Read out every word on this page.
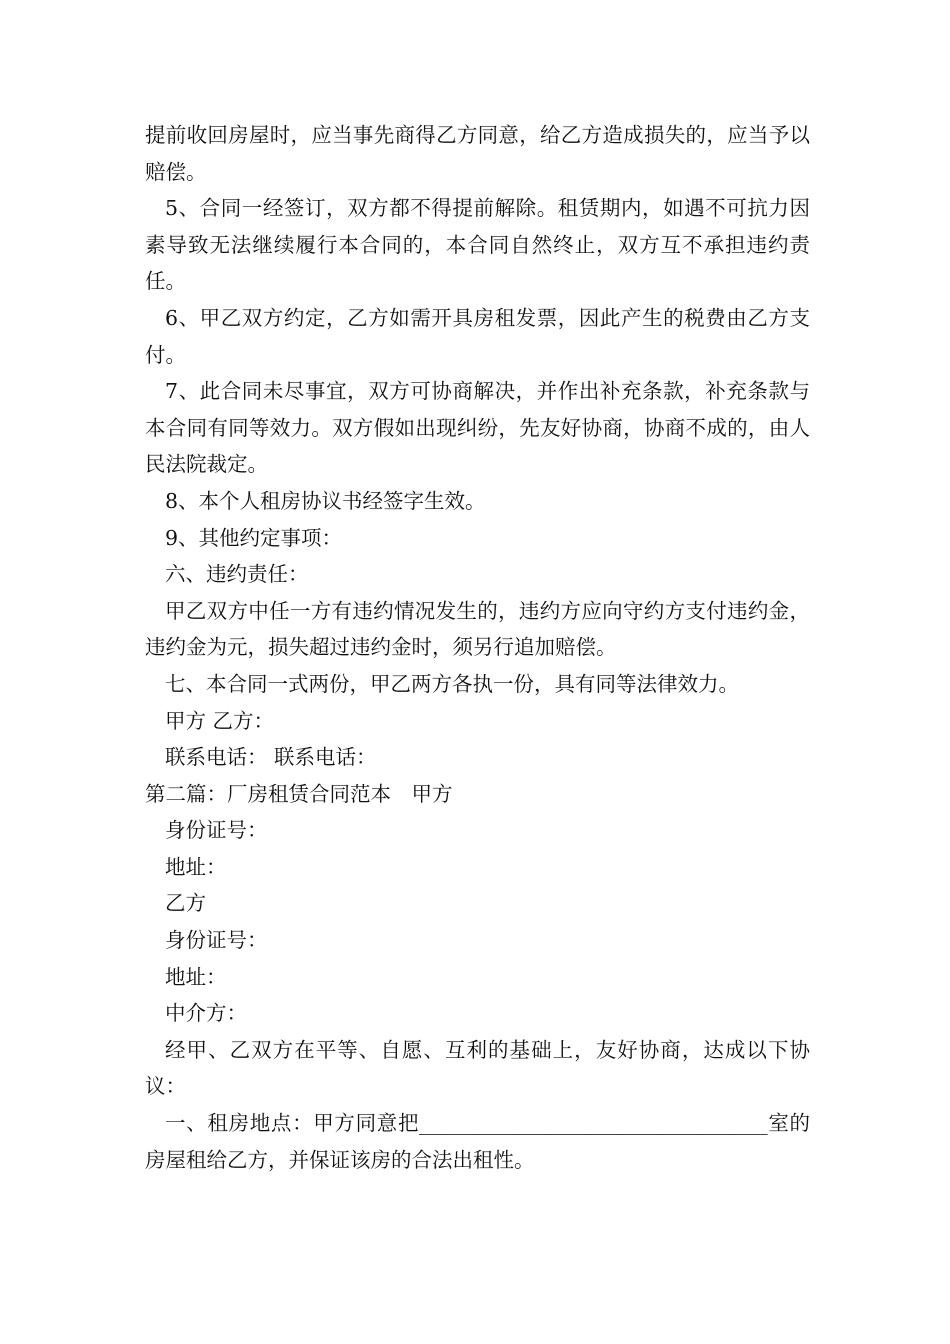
提前收回房屋时，应当事先商得乙方同意，给乙方造成损失的，应当予以赔偿。

5、合同一经签订，双方都不得提前解除。租赁期内，如遇不可抗力因素导致无法继续履行本合同的，本合同自然终止，双方互不承担违约责任。

6、甲乙双方约定，乙方如需开具房租发票，因此产生的税费由乙方支付。

7、此合同未尽事宜，双方可协商解决，并作出补充条款，补充条款与本合同有同等效力。双方假如出现纠纷，先友好协商，协商不成的，由人民法院裁定。

8、本个人租房协议书经签字生效。

9、其他约定事项：

六、违约责任：

甲乙双方中任一方有违约情况发生的，违约方应向守约方支付违约金，违约金为元，损失超过违约金时，须另行追加赔偿。

七、本合同一式两份，甲乙两方各执一份，具有同等法律效力。

甲方 乙方：

联系电话： 联系电话：

第二篇：厂房租赁合同范本　甲方

身份证号：

地址：

乙方

身份证号：

地址：

中介方：

经甲、乙双方在平等、自愿、互利的基础上，友好协商，达成以下协议：

一、租房地点：甲方同意把__________________________________室的房屋租给乙方，并保证该房的合法出租性。
